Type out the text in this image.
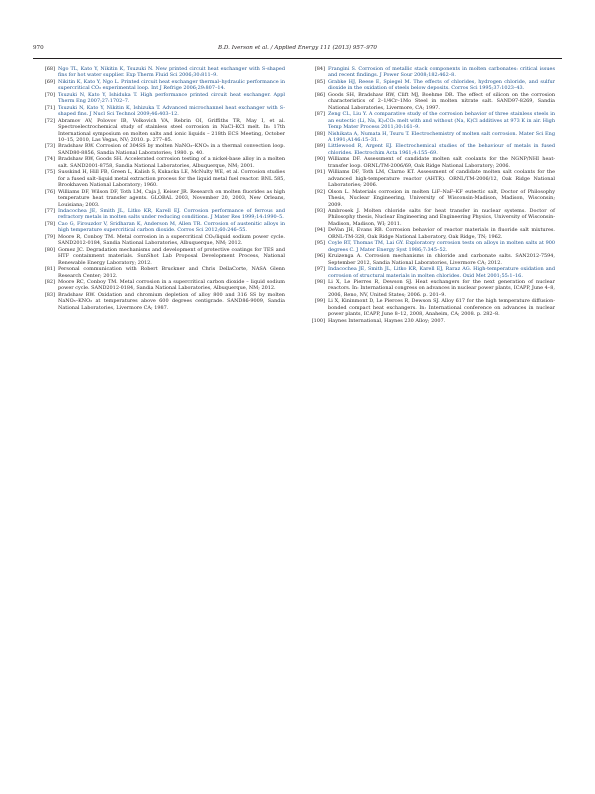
970	B.D. Iverson et al. / Applied Energy 111 (2013) 957–970

[68] Ngo TL, Kato Y, Nikitin K, Tsuzuki N. New printed circuit heat exchanger with S-shaped fins for hot water supplier. Exp Therm Fluid Sci 2006;30:811–9.

[69] Nikitin K, Kato Y, Ngo L. Printed circuit heat exchanger thermal–hydraulic performance in supercritical CO₂ experimental loop. Int J Refrige 2006;29:807–14.

[70] Tsuzuki N, Kato Y, Ishiduka T. High performance printed circuit heat exchanger. Appl Therm Eng 2007;27:1702–7.

[71] Tsuzuki N, Kato Y, Nikitin K, Ishizuka T. Advanced microchannel heat exchanger with S-shaped fins. J Nucl Sci Technol 2009;46:403–12.

[72] Abramov AV, Polovov IB, Volkovich VA, Rebrin OI, Griffiths TR, May I, et al. Spectroelectrochemical study of stainless steel corrosion in NaCl–KCl melt. In: 17th International symposium on molten salts and ionic liquids – 218th ECS Meeting, October 10–15, 2010, Las Vegas, NV; 2010. p. 277–85.

[73] Bradshaw RW. Corrosion of 304SS by molten NaNO₃–KNO₃ in a thermal convection loop. SAND80-8856, Sandia National Laboratories; 1980. p. 40.

[74] Bradshaw RW, Goods SH. Accelerated corrosion testing of a nickel-base alloy in a molten salt. SAND2001-8758, Sandia National Laboratories, Albuquerque, NM; 2001.

[75] Susskind H, Hill FB, Green L, Kalish S, Kukacka LE, McNulty WE, et al. Corrosion studies for a fused salt–liquid metal extraction process for the liquid metal fuel reactor. BNL 585, Brookhaven National Laboratory; 1960.

[76] Williams DF, Wilson DF, Toth LM, Caja J, Keiser JR. Research on molten fluorides as high temperature heat transfer agents. GLOBAL 2003, November 20, 2003, New Orleans, Louisiana; 2003.

[77] Indacochea JE, Smith JL, Litko KR, Karell EJ. Corrosion performance of ferrous and refractory metals in molten salts under reducing conditions. J Mater Res 1999;14:1990–5.

[78] Cao G, Firouzdor V, Sridharan K, Anderson M, Allen TR. Corrosion of austenitic alloys in high temperature supercritical carbon dioxide. Corros Sci 2012;60:246–55.

[79] Moore R, Conboy TM. Metal corrosion in a supercritical CO₂/liquid sodium power cycle. SAND2012-0184, Sandia National Laboratories, Albuquerque, NM; 2012.

[80] Gomez JC. Degradation mechanisms and development of protective coatings for TES and HTF containment materials. SunShot Lab Proposal Development Process, National Renewable Energy Laboratory; 2012.

[81] Personal communication with Robert Bruckner and Chris DellaCorte, NASA Glenn Research Center; 2012.

[82] Moore RC, Conboy TM. Metal corrosion in a supercritical carbon dioxide – liquid sodium power cycle. SAND2012-0184, Sandia National Laboratories, Albuquerque, NM; 2012.

[83] Bradshaw RW. Oxidation and chromium depletion of alloy 800 and 316 SS by molten NaNO₃–KNO₃ at temperatures above 600 degrees centigrade. SAND86-9009, Sandia National Laboratories, Livermore CA; 1987.

[84] Frangini S. Corrosion of metallic stack components in molten carbonates: critical issues and recent findings. J Power Sour 2008;182:462–8.

[85] Grabke HJ, Reese E, Spiegel M. The effects of chlorides, hydrogen chloride, and sulfur dioxide in the oxidation of steels below deposits. Corros Sci 1995;37:1023–43.

[86] Goods SH, Bradshaw RW, Clift MJ, Boehme DR. The effect of silicon on the corrosion characteristics of 2–1/4Cr–1Mo Steel in molten nitrate salt. SAND97-8269, Sandia National Laboratories, Livermore, CA; 1997.

[87] Zeng CL, Liu Y. A comparative study of the corrosion behavior of three stainless steels in an eutectic (Li, Na, K)₂CO₃ melt with and without (Na, K)Cl additives at 973 K in air. High Temp Mater Process 2011;30:161–9.

[88] Nishikata A, Numata H, Tsuru T. Electrochemistry of molten salt corrosion. Mater Sci Eng A 1991;A146:15–31.

[89] Littlewood R, Argent EJ. Electrochemical studies of the behaviour of metals in fused chlorides. Electrochim Acta 1961;4:155–69.

[90] Williams DF. Assessment of candidate molten salt coolants for the NGNP/NHI heat-transfer loop. ORNL/TM-2006/69, Oak Ridge National Laboratory; 2006.

[91] Williams DF, Toth LM, Clarno KT. Assessment of candidate molten salt coolants for the advanced high-temperature reactor (AHTR). ORNL/TM-2006/12, Oak Ridge National Laboratories; 2006.

[92] Olson L. Materials corrosion in molten LiF–NaF–KF eutectic salt, Doctor of Philosophy Thesis, Nuclear Engineering, University of Wisconsin-Madison, Madison, Wisconsin; 2009.

[93] Ambrosek J. Molten chloride salts for heat transfer in nuclear systems. Doctor of Philosophy thesis, Nuclear Engineering and Engineering Physics, University of Wisconsin-Madison, Madison, WI; 2011.

[94] DeVan JH, Evans RB. Corrosion behavior of reactor materials in fluoride salt mixtures. ORNL-TM-328, Oak Ridge National Laboratory, Oak Ridge, TN; 1962.

[95] Coyle RT, Thomas TM, Lai GY. Exploratory corrosion tests on alloys in molten salts at 900 degrees C. J Mater Energy Syst 1986;7:345–52.

[96] Kruizenga A. Corrosion mechanisms in chloride and carbonate salts. SAN2012-7594, September 2012, Sandia National Laboratories, Livermore CA; 2012.

[97] Indacochea JE, Smith JL, Litko KR, Karell EJ, Raraz AG. High-temperature oxidation and corrosion of structural materials in molten chlorides. Oxid Met 2001;55:1–16.

[98] Li X, Le Pierres R, Dewson SJ. Heat exchangers for the next generation of nuclear reactors. In: International congress on advances in nuclear power plants, ICAPP, June 4–8, 2006, Reno, NV, United States; 2006. p. 201–9.

[99] Li X, Kininmont D, Le Pierces R, Dewson SJ. Alloy 617 for the high temperature diffusion-bonded compact heat exchangers. In: International conference on advances in nuclear power plants, ICAPP, June 8–12, 2008, Anaheim, CA; 2008. p. 282–8.

[100] Haynes International, Haynes 230 Alloy; 2007.
